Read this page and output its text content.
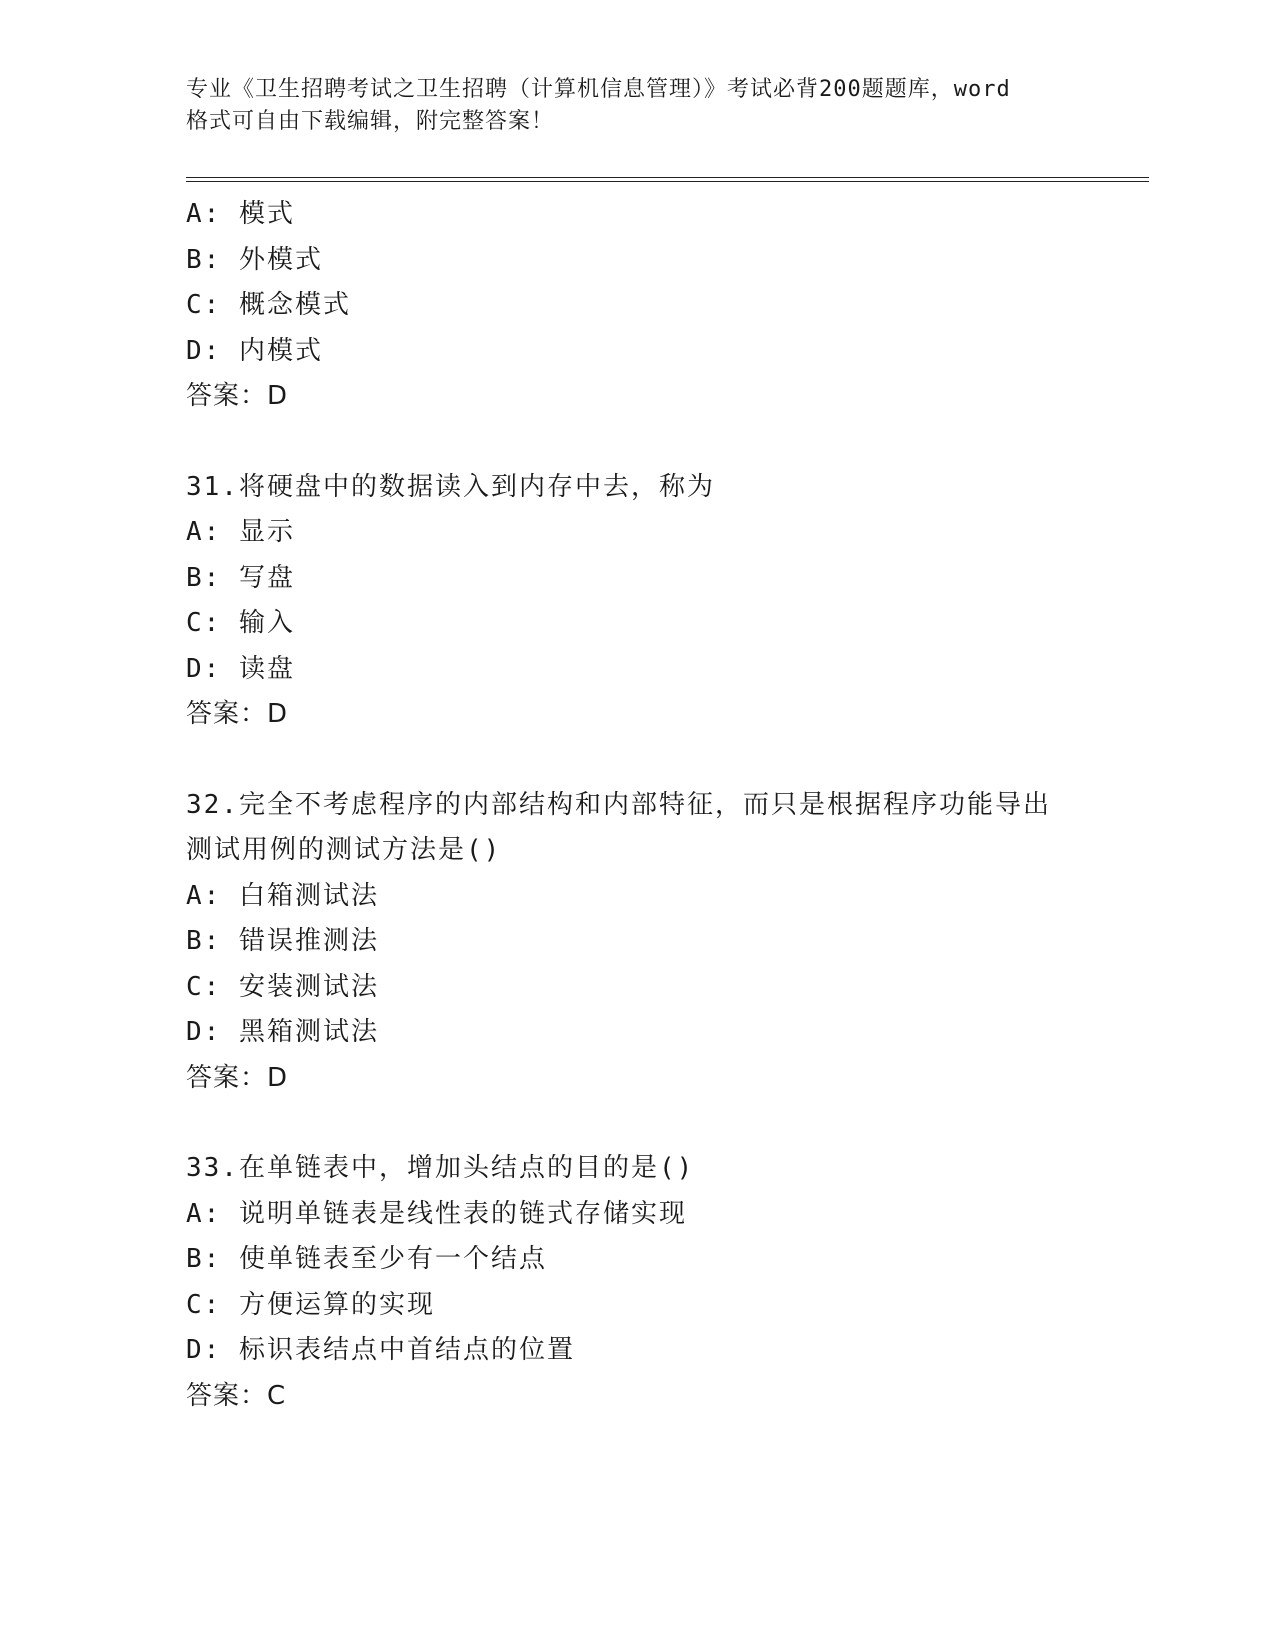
专业《卫生招聘考试之卫生招聘（计算机信息管理）》考试必背200题题库，word
格式可自由下载编辑，附完整答案！
A: 模式
B: 外模式
C: 概念模式
D: 内模式
答案：D
31.将硬盘中的数据读入到内存中去，称为
A: 显示
B: 写盘
C: 输入
D: 读盘
答案：D
32.完全不考虑程序的内部结构和内部特征，而只是根据程序功能导出
测试用例的测试方法是()
A: 白箱测试法
B: 错误推测法
C: 安装测试法
D: 黑箱测试法
答案：D
33.在单链表中，增加头结点的目的是()
A: 说明单链表是线性表的链式存储实现
B: 使单链表至少有一个结点
C: 方便运算的实现
D: 标识表结点中首结点的位置
答案：C
